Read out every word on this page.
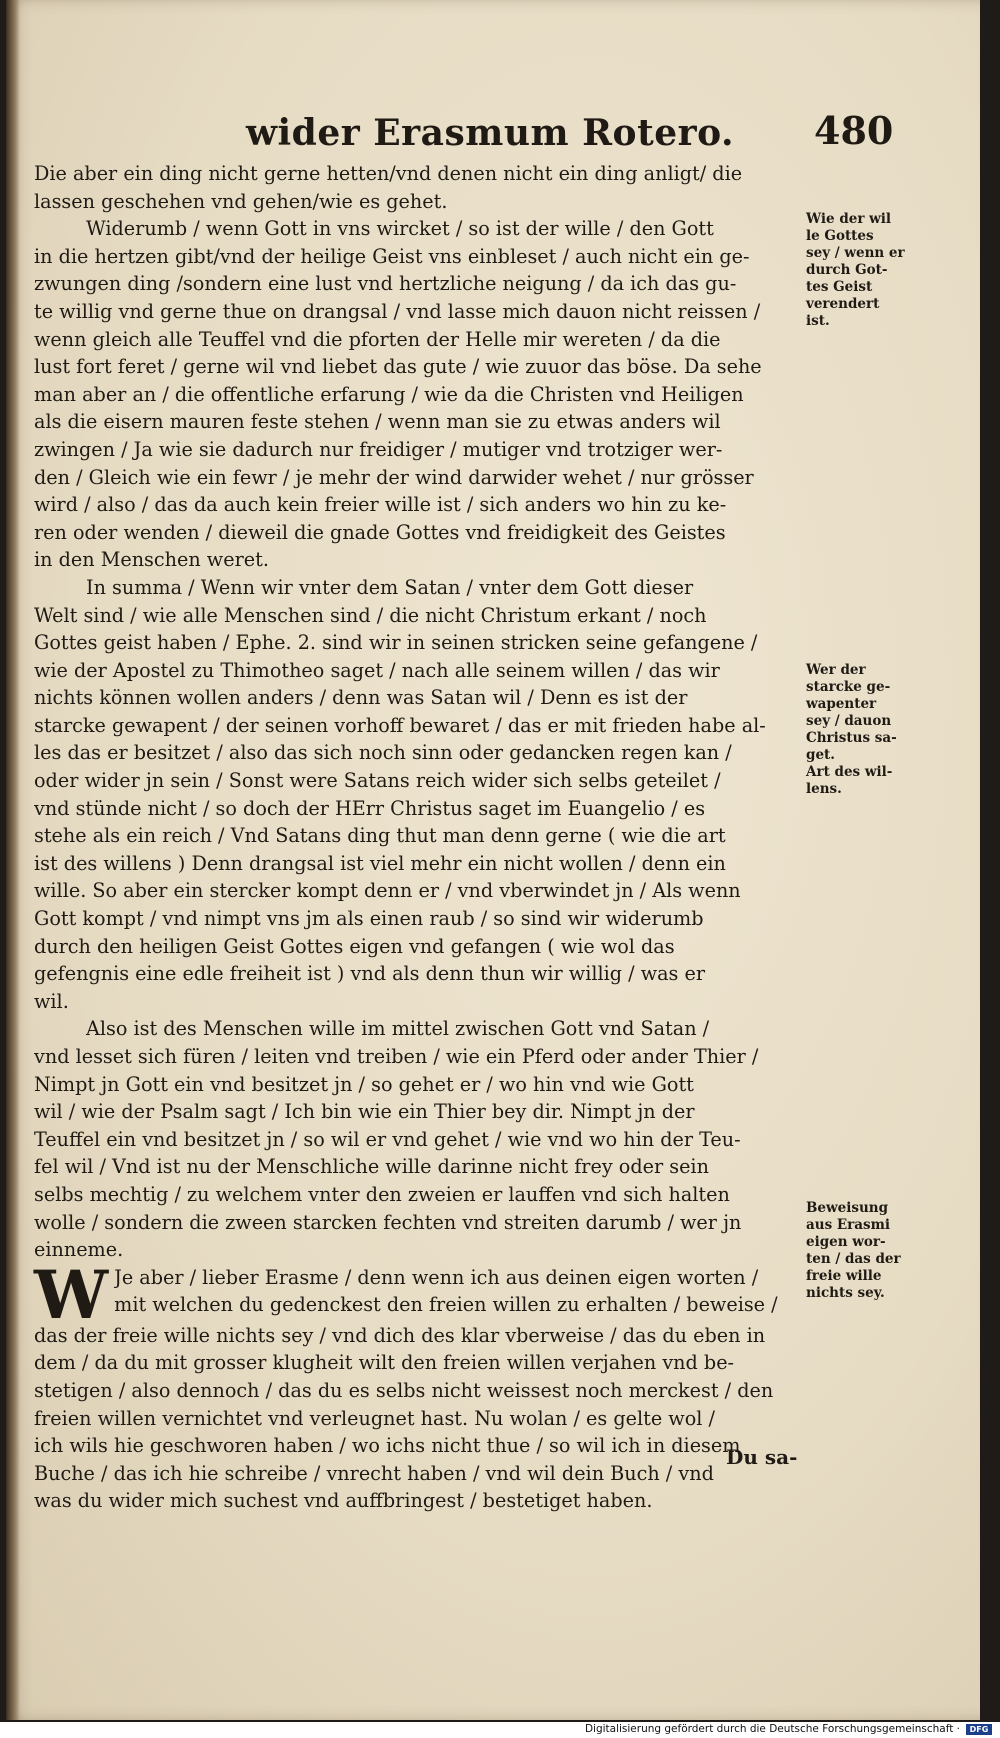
wider Erasmum Rotero.	480

Die aber ein ding nicht gerne hetten/vnd denen nicht ein ding anligt/ die
lassen geschehen vnd gehen/wie es gehet.

Widerumb / wenn Gott in vns wircket / so ist der wille / den Gott
in die hertzen gibt/vnd der heilige Geist vns einbleset / auch nicht ein ge-
zwungen ding /sondern eine lust vnd hertzliche neigung / da ich das gu-
te willig vnd gerne thue on drangsal / vnd lasse mich dauon nicht reissen /
wenn gleich alle Teuffel vnd die pforten der Helle mir wereten / da die
lust fort feret / gerne wil vnd liebet das gute / wie zuuor das böse. Da sehe
man aber an / die offentliche erfarung / wie da die Christen vnd Heiligen
als die eisern mauren feste stehen / wenn man sie zu etwas anders wil
zwingen / Ja wie sie dadurch nur freidiger / mutiger vnd trotziger wer-
den / Gleich wie ein fewr / je mehr der wind darwider wehet / nur grösser
wird / also / das da auch kein freier wille ist / sich anders wo hin zu ke-
ren oder wenden / dieweil die gnade Gottes vnd freidigkeit des Geistes
in den Menschen weret.

In summa / Wenn wir vnter dem Satan / vnter dem Gott dieser
Welt sind / wie alle Menschen sind / die nicht Christum erkant / noch
Gottes geist haben / Ephe. 2. sind wir in seinen stricken seine gefangene /
wie der Apostel zu Thimotheo saget / nach alle seinem willen / das wir
nichts können wollen anders / denn was Satan wil / Denn es ist der
starcke gewapent / der seinen vorhoff bewaret / das er mit frieden habe al-
les das er besitzet / also das sich noch sinn oder gedancken regen kan /
oder wider jn sein / Sonst were Satans reich wider sich selbs geteilet /
vnd stünde nicht / so doch der HErr Christus saget im Euangelio / es
stehe als ein reich / Vnd Satans ding thut man denn gerne ( wie die art
ist des willens ) Denn drangsal ist viel mehr ein nicht wollen / denn ein
wille. So aber ein stercker kompt denn er / vnd vberwindet jn / Als wenn
Gott kompt / vnd nimpt vns jm als einen raub / so sind wir widerumb
durch den heiligen Geist Gottes eigen vnd gefangen ( wie wol das
gefengnis eine edle freiheit ist ) vnd als denn thun wir willig / was er
wil.

Also ist des Menschen wille im mittel zwischen Gott vnd Satan /
vnd lesset sich füren / leiten vnd treiben / wie ein Pferd oder ander Thier /
Nimpt jn Gott ein vnd besitzet jn / so gehet er / wo hin vnd wie Gott
wil / wie der Psalm sagt / Ich bin wie ein Thier bey dir. Nimpt jn der
Teuffel ein vnd besitzet jn / so wil er vnd gehet / wie vnd wo hin der Teu-
fel wil / Vnd ist nu der Menschliche wille darinne nicht frey oder sein
selbs mechtig / zu welchem vnter den zweien er lauffen vnd sich halten
wolle / sondern die zween starcken fechten vnd streiten darumb / wer jn
einneme.

W Je aber / lieber Erasme / denn wenn ich aus deinen eigen worten /
mit welchen du gedenckest den freien willen zu erhalten / beweise /
das der freie wille nichts sey / vnd dich des klar vberweise / das du eben in
dem / da du mit grosser klugheit wilt den freien willen verjahen vnd be-
stetigen / also dennoch / das du es selbs nicht weissest noch merckest / den
freien willen vernichtet vnd verleugnet hast. Nu wolan / es gelte wol /
ich wils hie geschworen haben / wo ichs nicht thue / so wil ich in diesem
Buche / das ich hie schreibe / vnrecht haben / vnd wil dein Buch / vnd
was du wider mich suchest vnd auffbringest / bestetiget haben.

Wie der wil
le Gottes
sey / wenn er
durch Got-
tes Geist
verendert
ist.
Wer der
starcke ge-
wapenter
sey / dauon
Christus sa-
get.
Art des wil-
lens.
Beweisung
aus Erasmi
eigen wor-
ten / das der
freie wille
nichts sey.
Du sa-
Digitalisierung gefördert durch die Deutsche Forschungsgemeinschaft ·	DFG
